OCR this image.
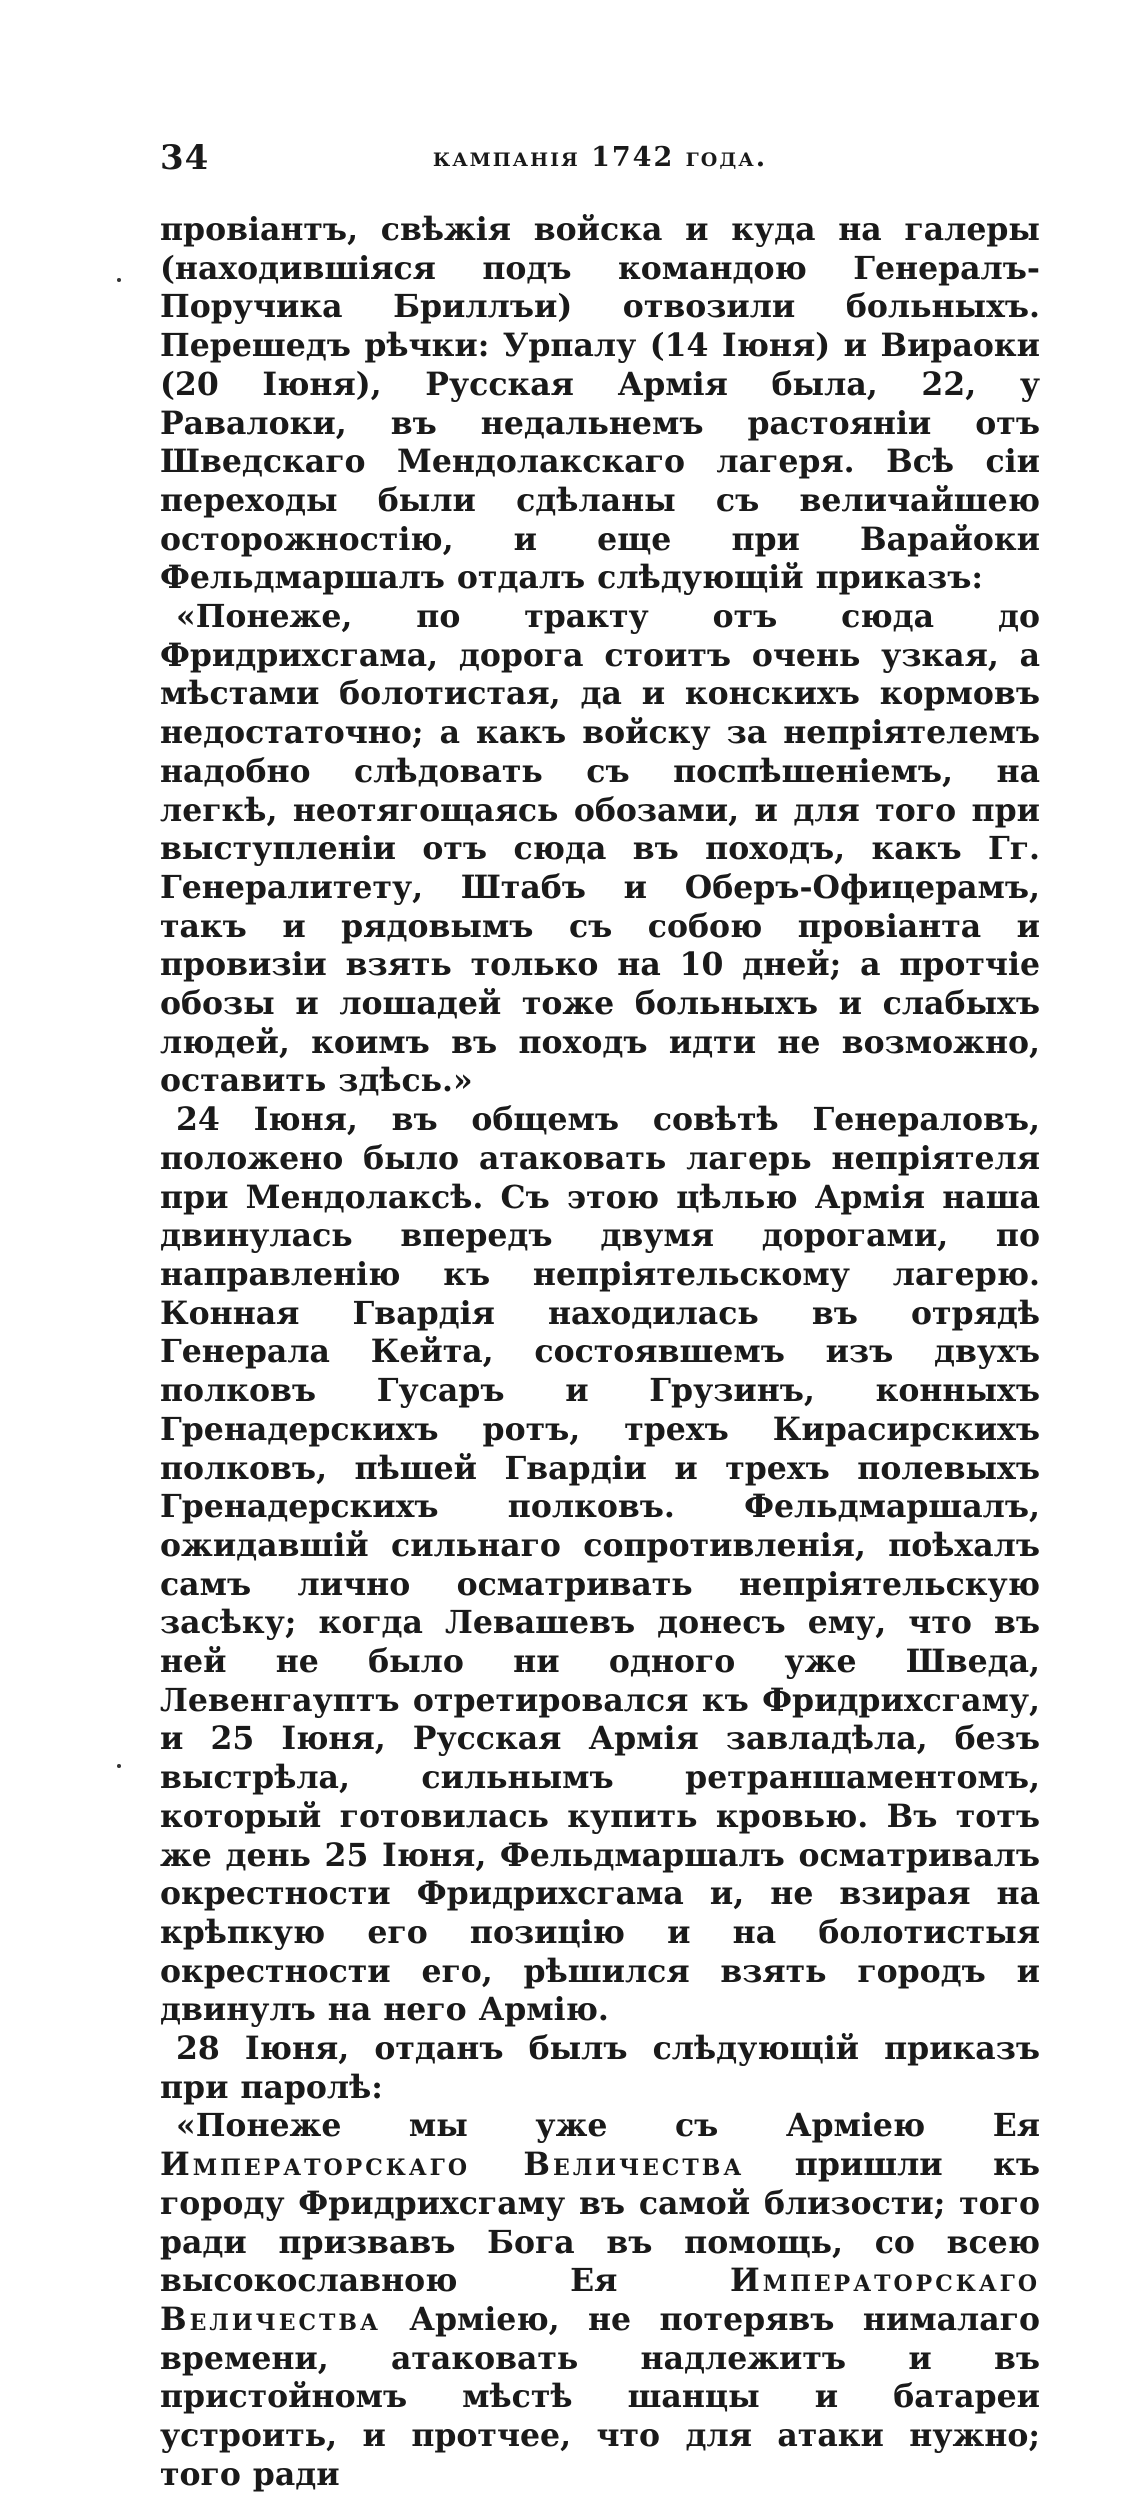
34	кампанія 1742 года.

провіантъ, свѣжія войска и куда на галеры (находившіяся подъ командою Генералъ-Поручика Бриллъи) отвозили больныхъ. Перешедъ рѣчки: Урпалу (14 Іюня) и Вираоки (20 Іюня), Русская Армія была, 22, у Равалоки, въ недальнемъ растояніи отъ Шведскаго Мендолакскаго лагеря. Всѣ сіи переходы были сдѣланы съ величайшею осторожностію, и еще при Варайоки Фельдмаршалъ отдалъ слѣдующій приказъ:

«Понеже, по тракту отъ сюда до Фридрихсгама, дорога стоитъ очень узкая, а мѣстами болотистая, да и конскихъ кормовъ недостаточно; а какъ войску за непріятелемъ надобно слѣдовать съ поспѣшеніемъ, на легкѣ, неотягощаясь обозами, и для того при выступленіи отъ сюда въ походъ, какъ Гг. Генералитету, Штабъ и Оберъ-Офицерамъ, такъ и рядовымъ съ собою провіанта и провизіи взять только на 10 дней; а протчіе обозы и лошадей тоже больныхъ и слабыхъ людей, коимъ въ походъ идти не возможно, оставить здѣсь.»

24 Іюня, въ общемъ совѣтѣ Генераловъ, положено было атаковать лагерь непріятеля при Мендолаксѣ. Съ этою цѣлью Армія наша двинулась впередъ двумя дорогами, по направленію къ непріятельскому лагерю. Конная Гвардія находилась въ отрядѣ Генерала Кейта, состоявшемъ изъ двухъ полковъ Гусаръ и Грузинъ, конныхъ Гренадерскихъ ротъ, трехъ Кирасирскихъ полковъ, пѣшей Гвардіи и трехъ полевыхъ Гренадерскихъ полковъ. Фельдмаршалъ, ожидавшій сильнаго сопротивленія, поѣхалъ самъ лично осматривать непріятельскую засѣку; когда Левашевъ донесъ ему, что въ ней не было ни одного уже Шведа, Левенгауптъ отретировался къ Фридрихсгаму, и 25 Іюня, Русская Армія завладѣла, безъ выстрѣла, сильнымъ ретраншаментомъ, который готовилась купить кровью. Въ тотъ же день 25 Іюня, Фельдмаршалъ осматривалъ окрестности Фридрихсгама и, не взирая на крѣпкую его позицію и на болотистыя окрестности его, рѣшился взять городъ и двинулъ на него Армію.

28 Іюня, отданъ былъ слѣдующій приказъ при паролѣ:

«Понеже мы уже съ Арміею Ея Императорскаго Величества пришли къ городу Фридрихсгаму въ самой близости; того ради призвавъ Бога въ помощь, со всею высокославною Ея Императорскаго Величества Арміею, не потерявъ нималаго времени, атаковать надлежитъ и въ пристойномъ мѣстѣ шанцы и батареи устроить, и протчее, что для атаки нужно; того ради
